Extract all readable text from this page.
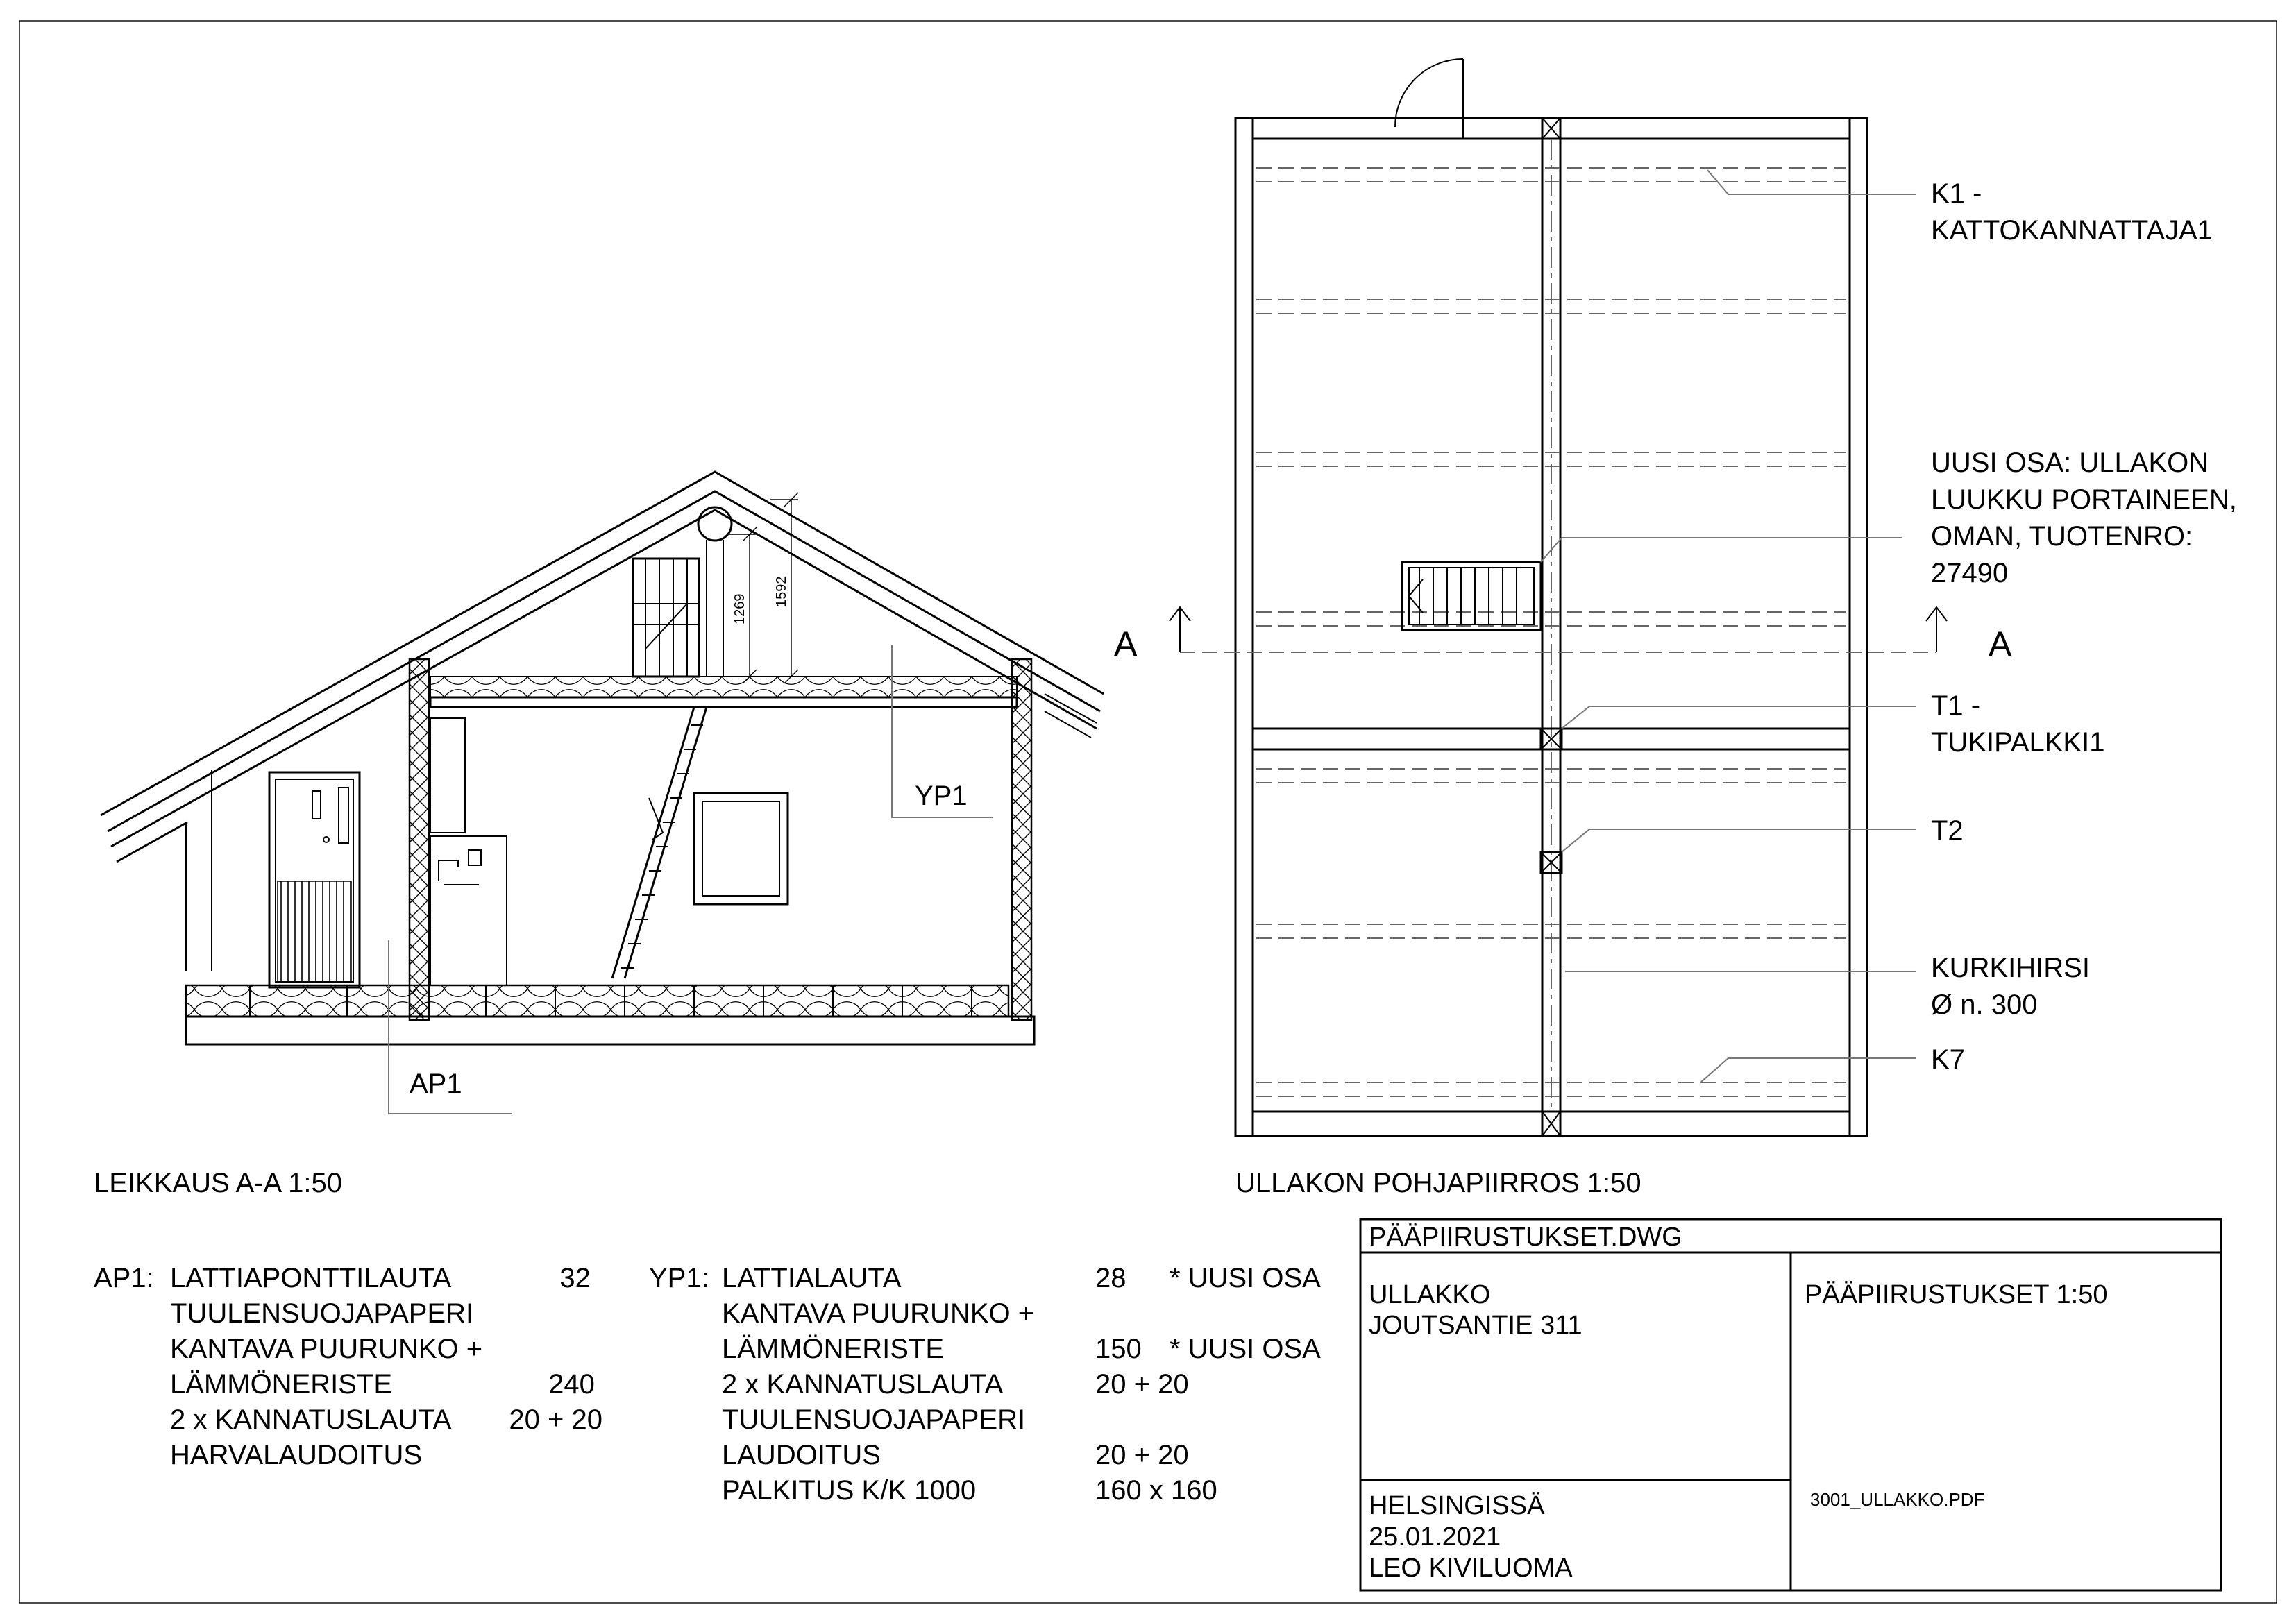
1269
1592
YP1
AP1
LEIKKAUS A-A 1:50
A	A
K1 - KATTOKANNATTAJA1
UUSI OSA: ULLAKON LUUKKU PORTAINEEN, OMAN, TUOTENRO: 27490
T1 - TUKIPALKKI1
T2
KURKIHIRSI Ø n. 300
K7
ULLAKON POHJAPIIRROS 1:50
AP1: LATTIAPONTTILAUTA TUULENSUOJAPAPERI KANTAVA PUURUNKO + LÄMMÖNERISTE 2 x KANNATUSLAUTA HARVALAUDOITUS
32 240 20 + 20
YP1: LATTIALAUTA KANTAVA PUURUNKO + LÄMMÖNERISTE 2 x KANNATUSLAUTA TUULENSUOJAPAPERI LAUDOITUS PALKITUS K/K 1000
28 150 20 + 20 20 + 20 160 x 160
* UUSI OSA * UUSI OSA
PÄÄPIIRUSTUKSET.DWG
ULLAKKO JOUTSANTIE 311
PÄÄPIIRUSTUKSET 1:50
HELSINGISSÄ 25.01.2021 LEO KIVILUOMA
3001_ULLAKKO.PDF
